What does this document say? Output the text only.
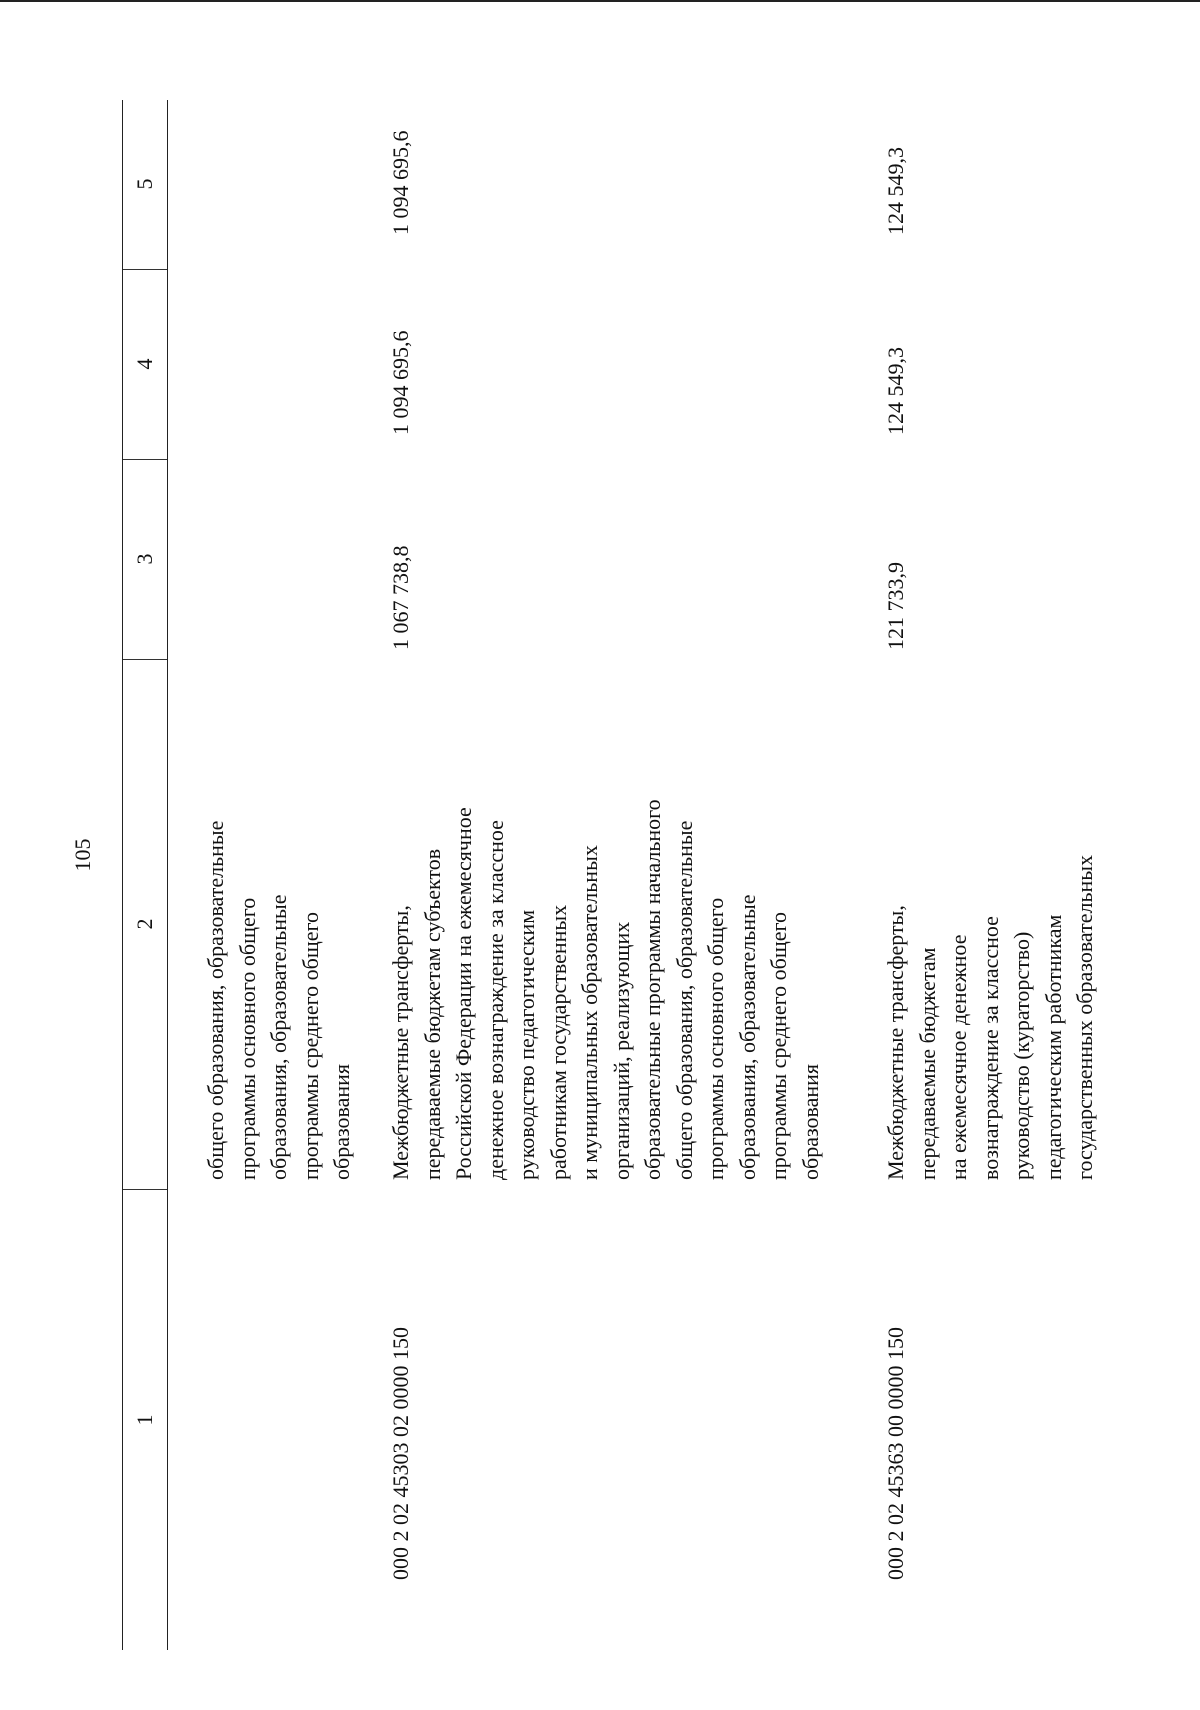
105
1
2
3
4
5
общего образования, образовательные программы основного общего образования, образовательные программы среднего общего образования
000 2 02 45303 02 0000 150
Межбюджетные трансферты, передаваемые бюджетам субъектов Российской Федерации на ежемесячное денежное вознаграждение за классное руководство педагогическим работникам государственных и муниципальных образовательных организаций, реализующих образовательные программы начального общего образования, образовательные программы основного общего образования, образовательные программы среднего общего образования
1 067 738,8
1 094 695,6
1 094 695,6
000 2 02 45363 00 0000 150
Межбюджетные трансферты, передаваемые бюджетам на ежемесячное денежное вознаграждение за классное руководство (кураторство) педагогическим работникам государственных образовательных
121 733,9
124 549,3
124 549,3
